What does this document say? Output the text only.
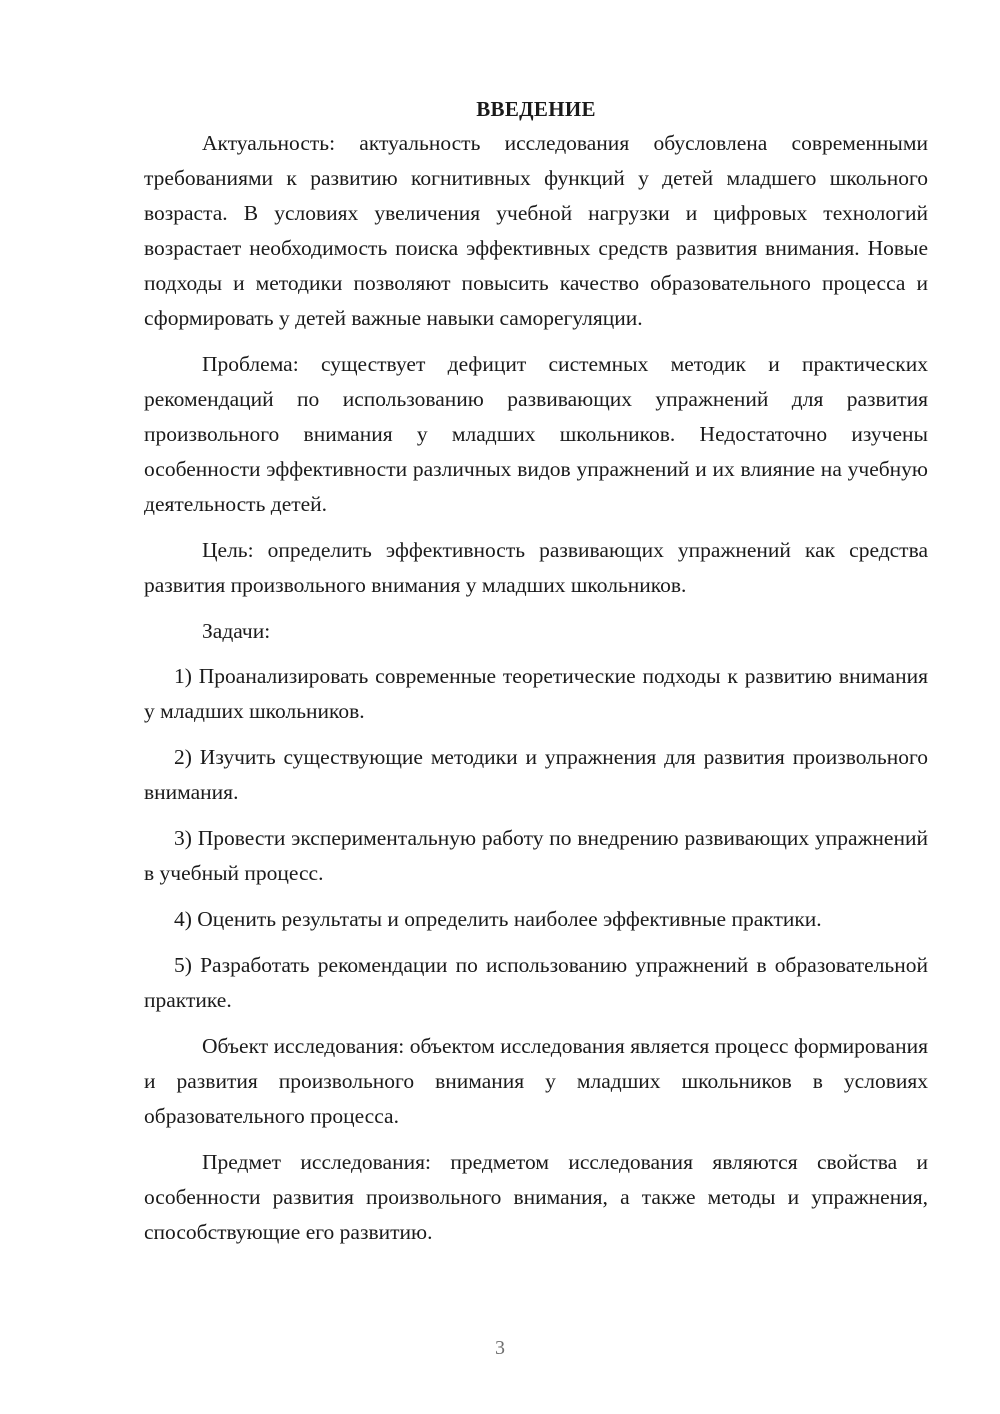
ВВЕДЕНИЕ

Актуальность: актуальность исследования обусловлена современными требованиями к развитию когнитивных функций у детей младшего школьного возраста. В условиях увеличения учебной нагрузки и цифровых технологий возрастает необходимость поиска эффективных средств развития внимания. Новые подходы и методики позволяют повысить качество образовательного процесса и сформировать у детей важные навыки саморегуляции.

Проблема: существует дефицит системных методик и практических рекомендаций по использованию развивающих упражнений для развития произвольного внимания у младших школьников. Недостаточно изучены особенности эффективности различных видов упражнений и их влияние на учебную деятельность детей.

Цель: определить эффективность развивающих упражнений как средства развития произвольного внимания у младших школьников.

Задачи:

1) Проанализировать современные теоретические подходы к развитию внимания у младших школьников.

2) Изучить существующие методики и упражнения для развития произвольного внимания.

3) Провести экспериментальную работу по внедрению развивающих упражнений в учебный процесс.

4) Оценить результаты и определить наиболее эффективные практики.

5) Разработать рекомендации по использованию упражнений в образовательной практике.

Объект исследования: объектом исследования является процесс формирования и развития произвольного внимания у младших школьников в условиях образовательного процесса.

Предмет исследования: предметом исследования являются свойства и особенности развития произвольного внимания, а также методы и упражнения, способствующие его развитию.

3
